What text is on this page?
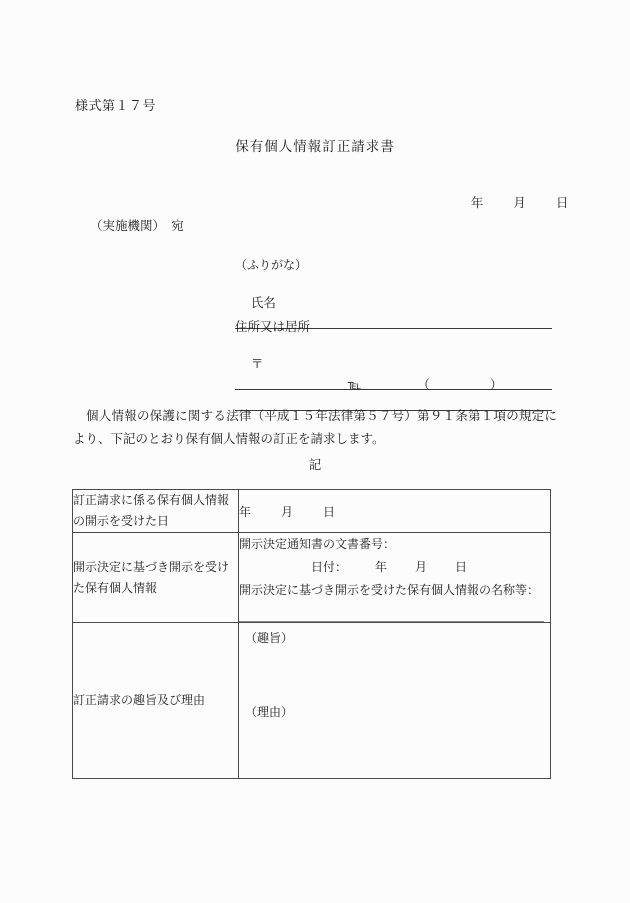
様式第１７号
保有個人情報訂正請求書

年 月 日

（実施機関）　宛
（ふりがな）

氏名

住所又は居所

〒

℡	（	）

個人情報の保護に関する法律（平成１５年法律第５７号）第９１条第１項の規定により、下記のとおり保有個人情報の訂正を請求します。
記
訂正請求に係る保有個人情報の開示を受けた日	年 月 日
開示決定に基づき開示を受けた保有個人情報	開示決定通知書の文書番号：
日付： 年 月 日
開示決定に基づき開示を受けた保有個人情報の名称等：

訂正請求の趣旨及び理由	（趣旨）
（理由）
